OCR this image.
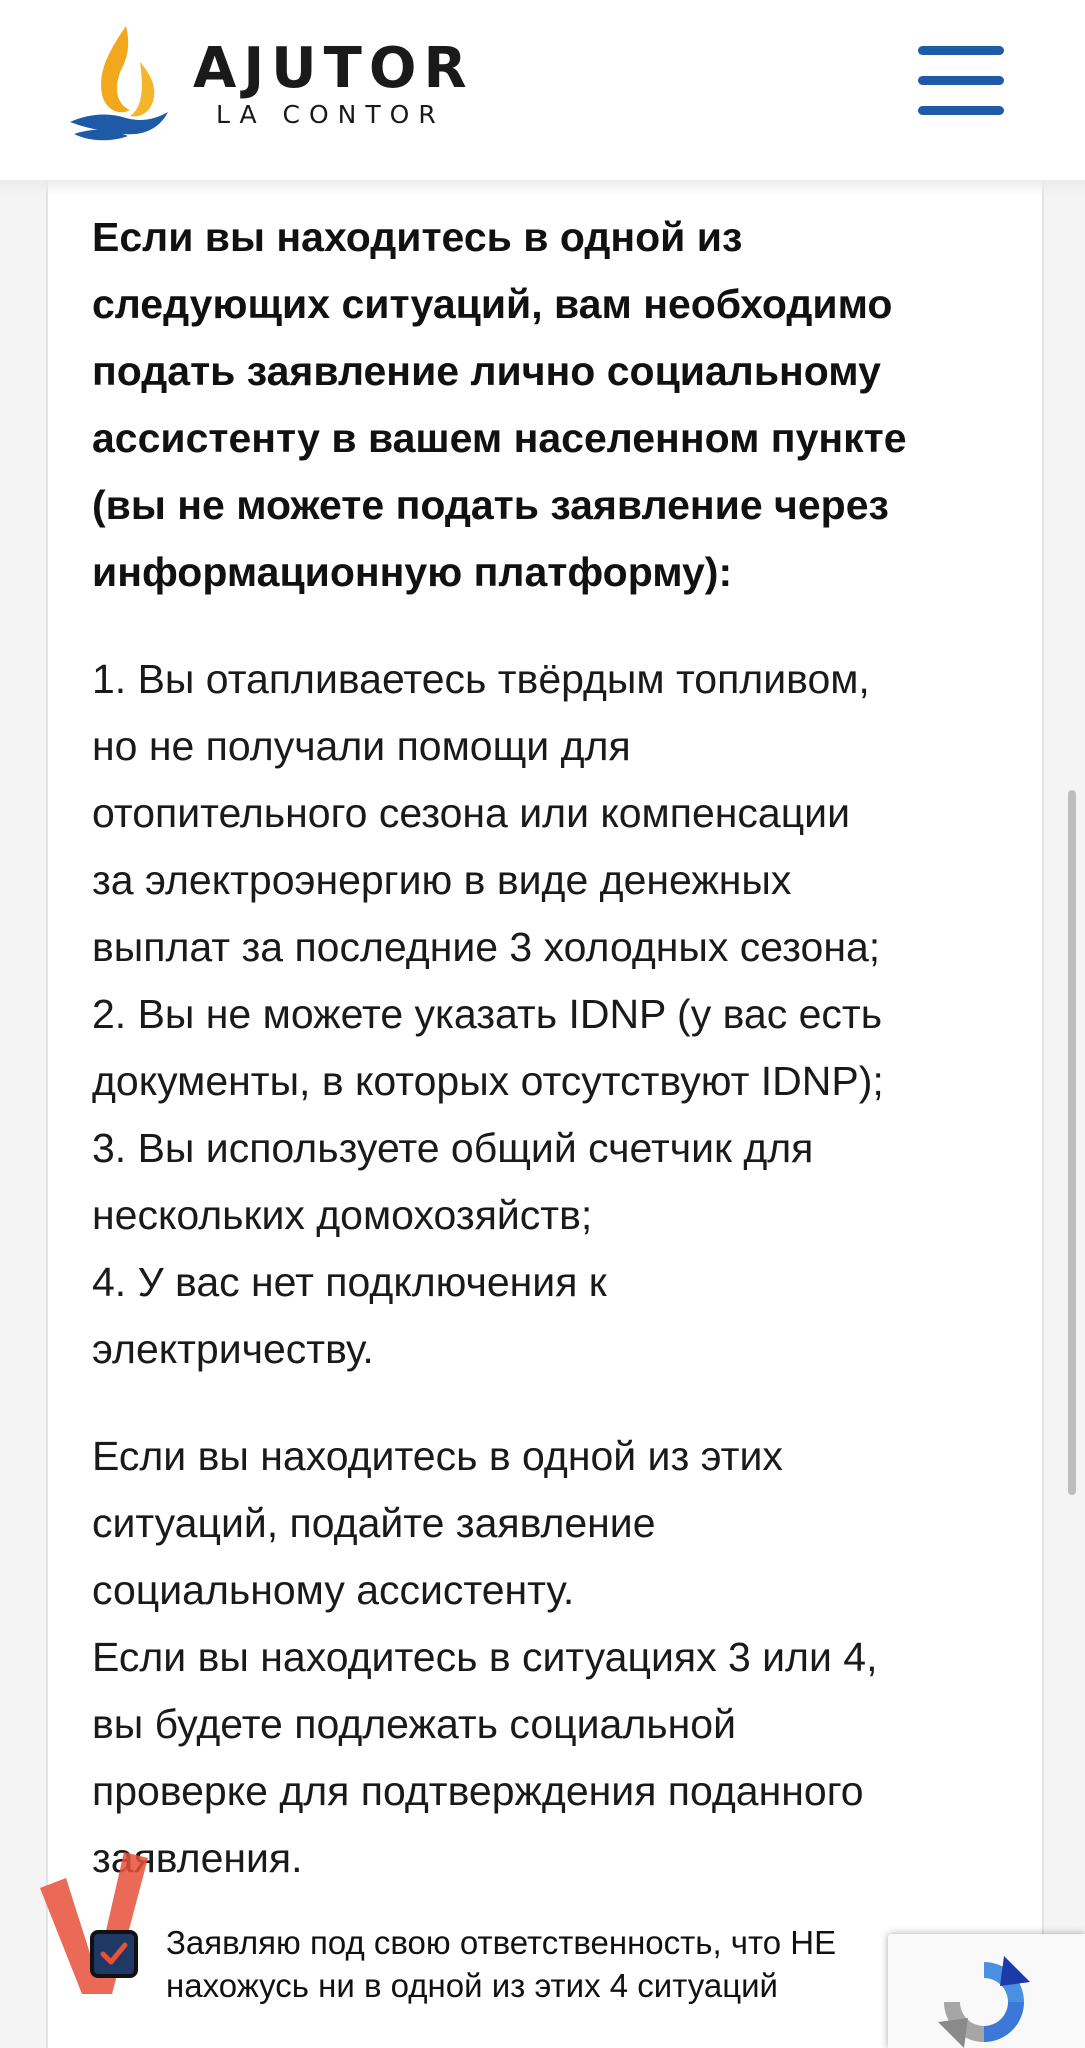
AJUTOR
LA CONTOR
Если вы находитесь в одной из
следующих ситуаций, вам необходимо
подать заявление лично социальному
ассистенту в вашем населенном пункте
(вы не можете подать заявление через
информационную платформу):
1. Вы отапливаетесь твёрдым топливом,
но не получали помощи для
отопительного сезона или компенсации
за электроэнергию в виде денежных
выплат за последние 3 холодных сезона;
2. Вы не можете указать IDNP (у вас есть
документы, в которых отсутствуют IDNP);
3. Вы используете общий счетчик для
нескольких домохозяйств;
4. У вас нет подключения к
электричеству.
Если вы находитесь в одной из этих
ситуаций, подайте заявление
социальному ассистенту.
Если вы находитесь в ситуациях 3 или 4,
вы будете подлежать социальной
проверке для подтверждения поданного
заявления.
Заявляю под свою ответственность, что НЕ
нахожусь ни в одной из этих 4 ситуаций
